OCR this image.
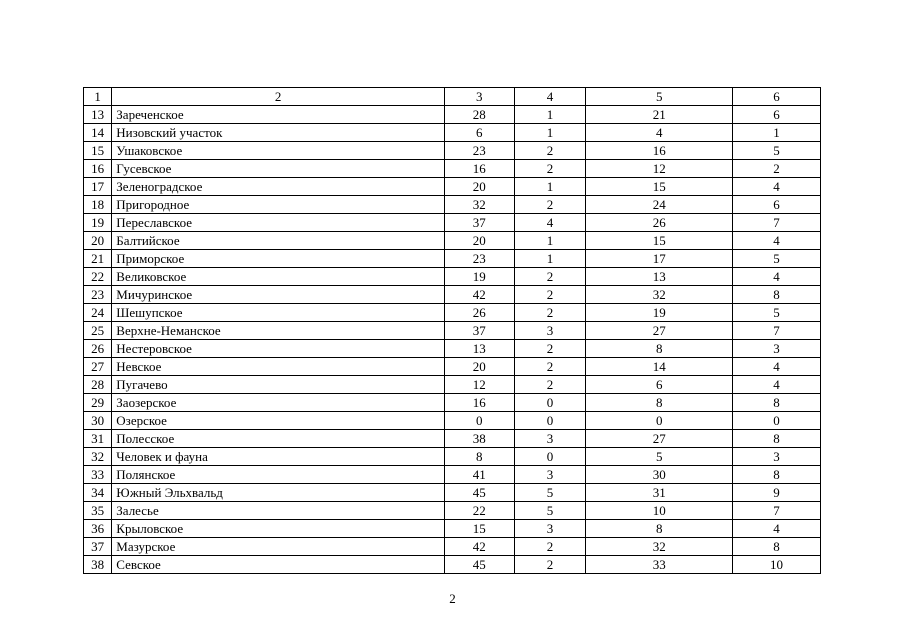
1	2	3	4	5	6
13	Зареченское	28	1	21	6
14	Низовский участок	6	1	4	1
15	Ушаковское	23	2	16	5
16	Гусевское	16	2	12	2
17	Зеленоградское	20	1	15	4
18	Пригородное	32	2	24	6
19	Переславское	37	4	26	7
20	Балтийское	20	1	15	4
21	Приморское	23	1	17	5
22	Великовское	19	2	13	4
23	Мичуринское	42	2	32	8
24	Шешупское	26	2	19	5
25	Верхне-Неманское	37	3	27	7
26	Нестеровское	13	2	8	3
27	Невское	20	2	14	4
28	Пугачево	12	2	6	4
29	Заозерское	16	0	8	8
30	Озерское	0	0	0	0
31	Полесское	38	3	27	8
32	Человек и фауна	8	0	5	3
33	Полянское	41	3	30	8
34	Южный Эльхвальд	45	5	31	9
35	Залесье	22	5	10	7
36	Крыловское	15	3	8	4
37	Мазурское	42	2	32	8
38	Севское	45	2	33	10
2
